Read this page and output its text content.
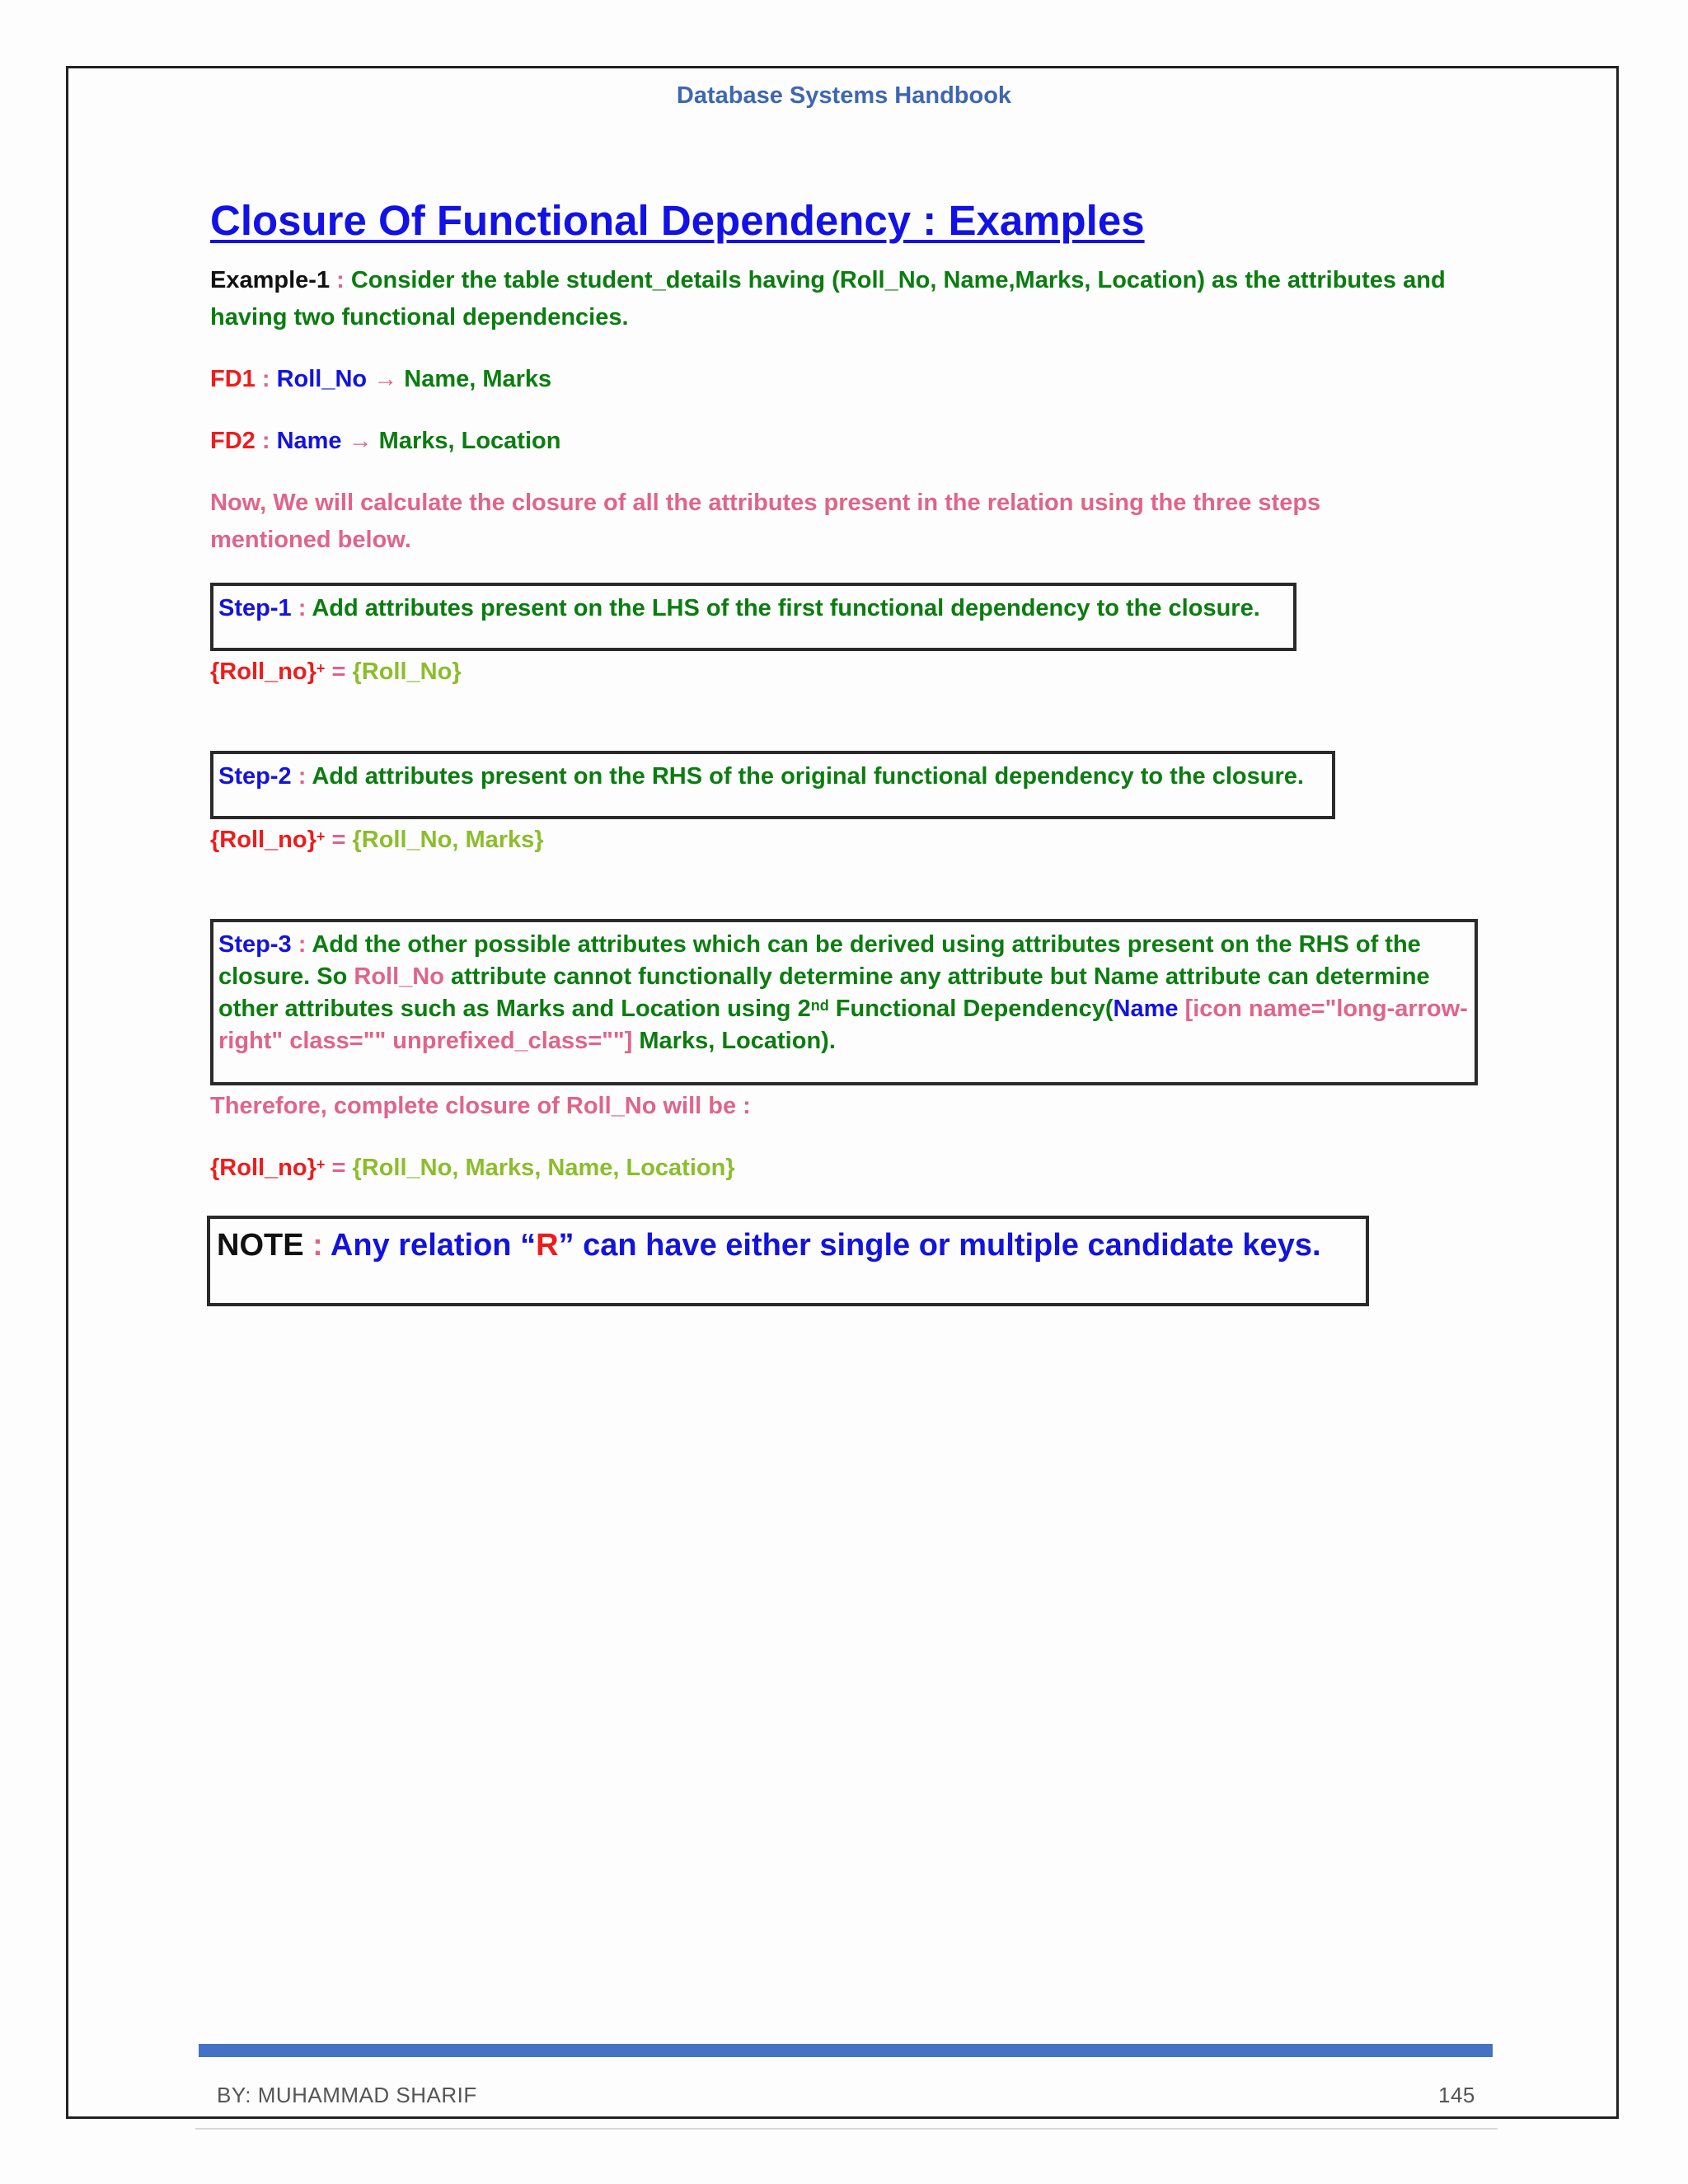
Database Systems Handbook
Closure Of Functional Dependency : Examples
Example-1 : Consider the table student_details having (Roll_No, Name,Marks, Location) as the attributes and having two functional dependencies.
FD1 : Roll_No → Name, Marks
FD2 : Name → Marks, Location
Now, We will calculate the closure of all the attributes present in the relation using the three steps mentioned below.
Step-1 : Add attributes present on the LHS of the first functional dependency to the closure.
{Roll_no}+ = {Roll_No}
Step-2 : Add attributes present on the RHS of the original functional dependency to the closure.
{Roll_no}+ = {Roll_No, Marks}
Step-3 : Add the other possible attributes which can be derived using attributes present on the RHS of the closure. So Roll_No attribute cannot functionally determine any attribute but Name attribute can determine other attributes such as Marks and Location using 2nd Functional Dependency(Name [icon name="long-arrow-right" class="" unprefixed_class=""] Marks, Location).
Therefore, complete closure of Roll_No will be :
{Roll_no}+ = {Roll_No, Marks, Name, Location}
NOTE : Any relation “R” can have either single or multiple candidate keys.
BY: MUHAMMAD SHARIF	145
